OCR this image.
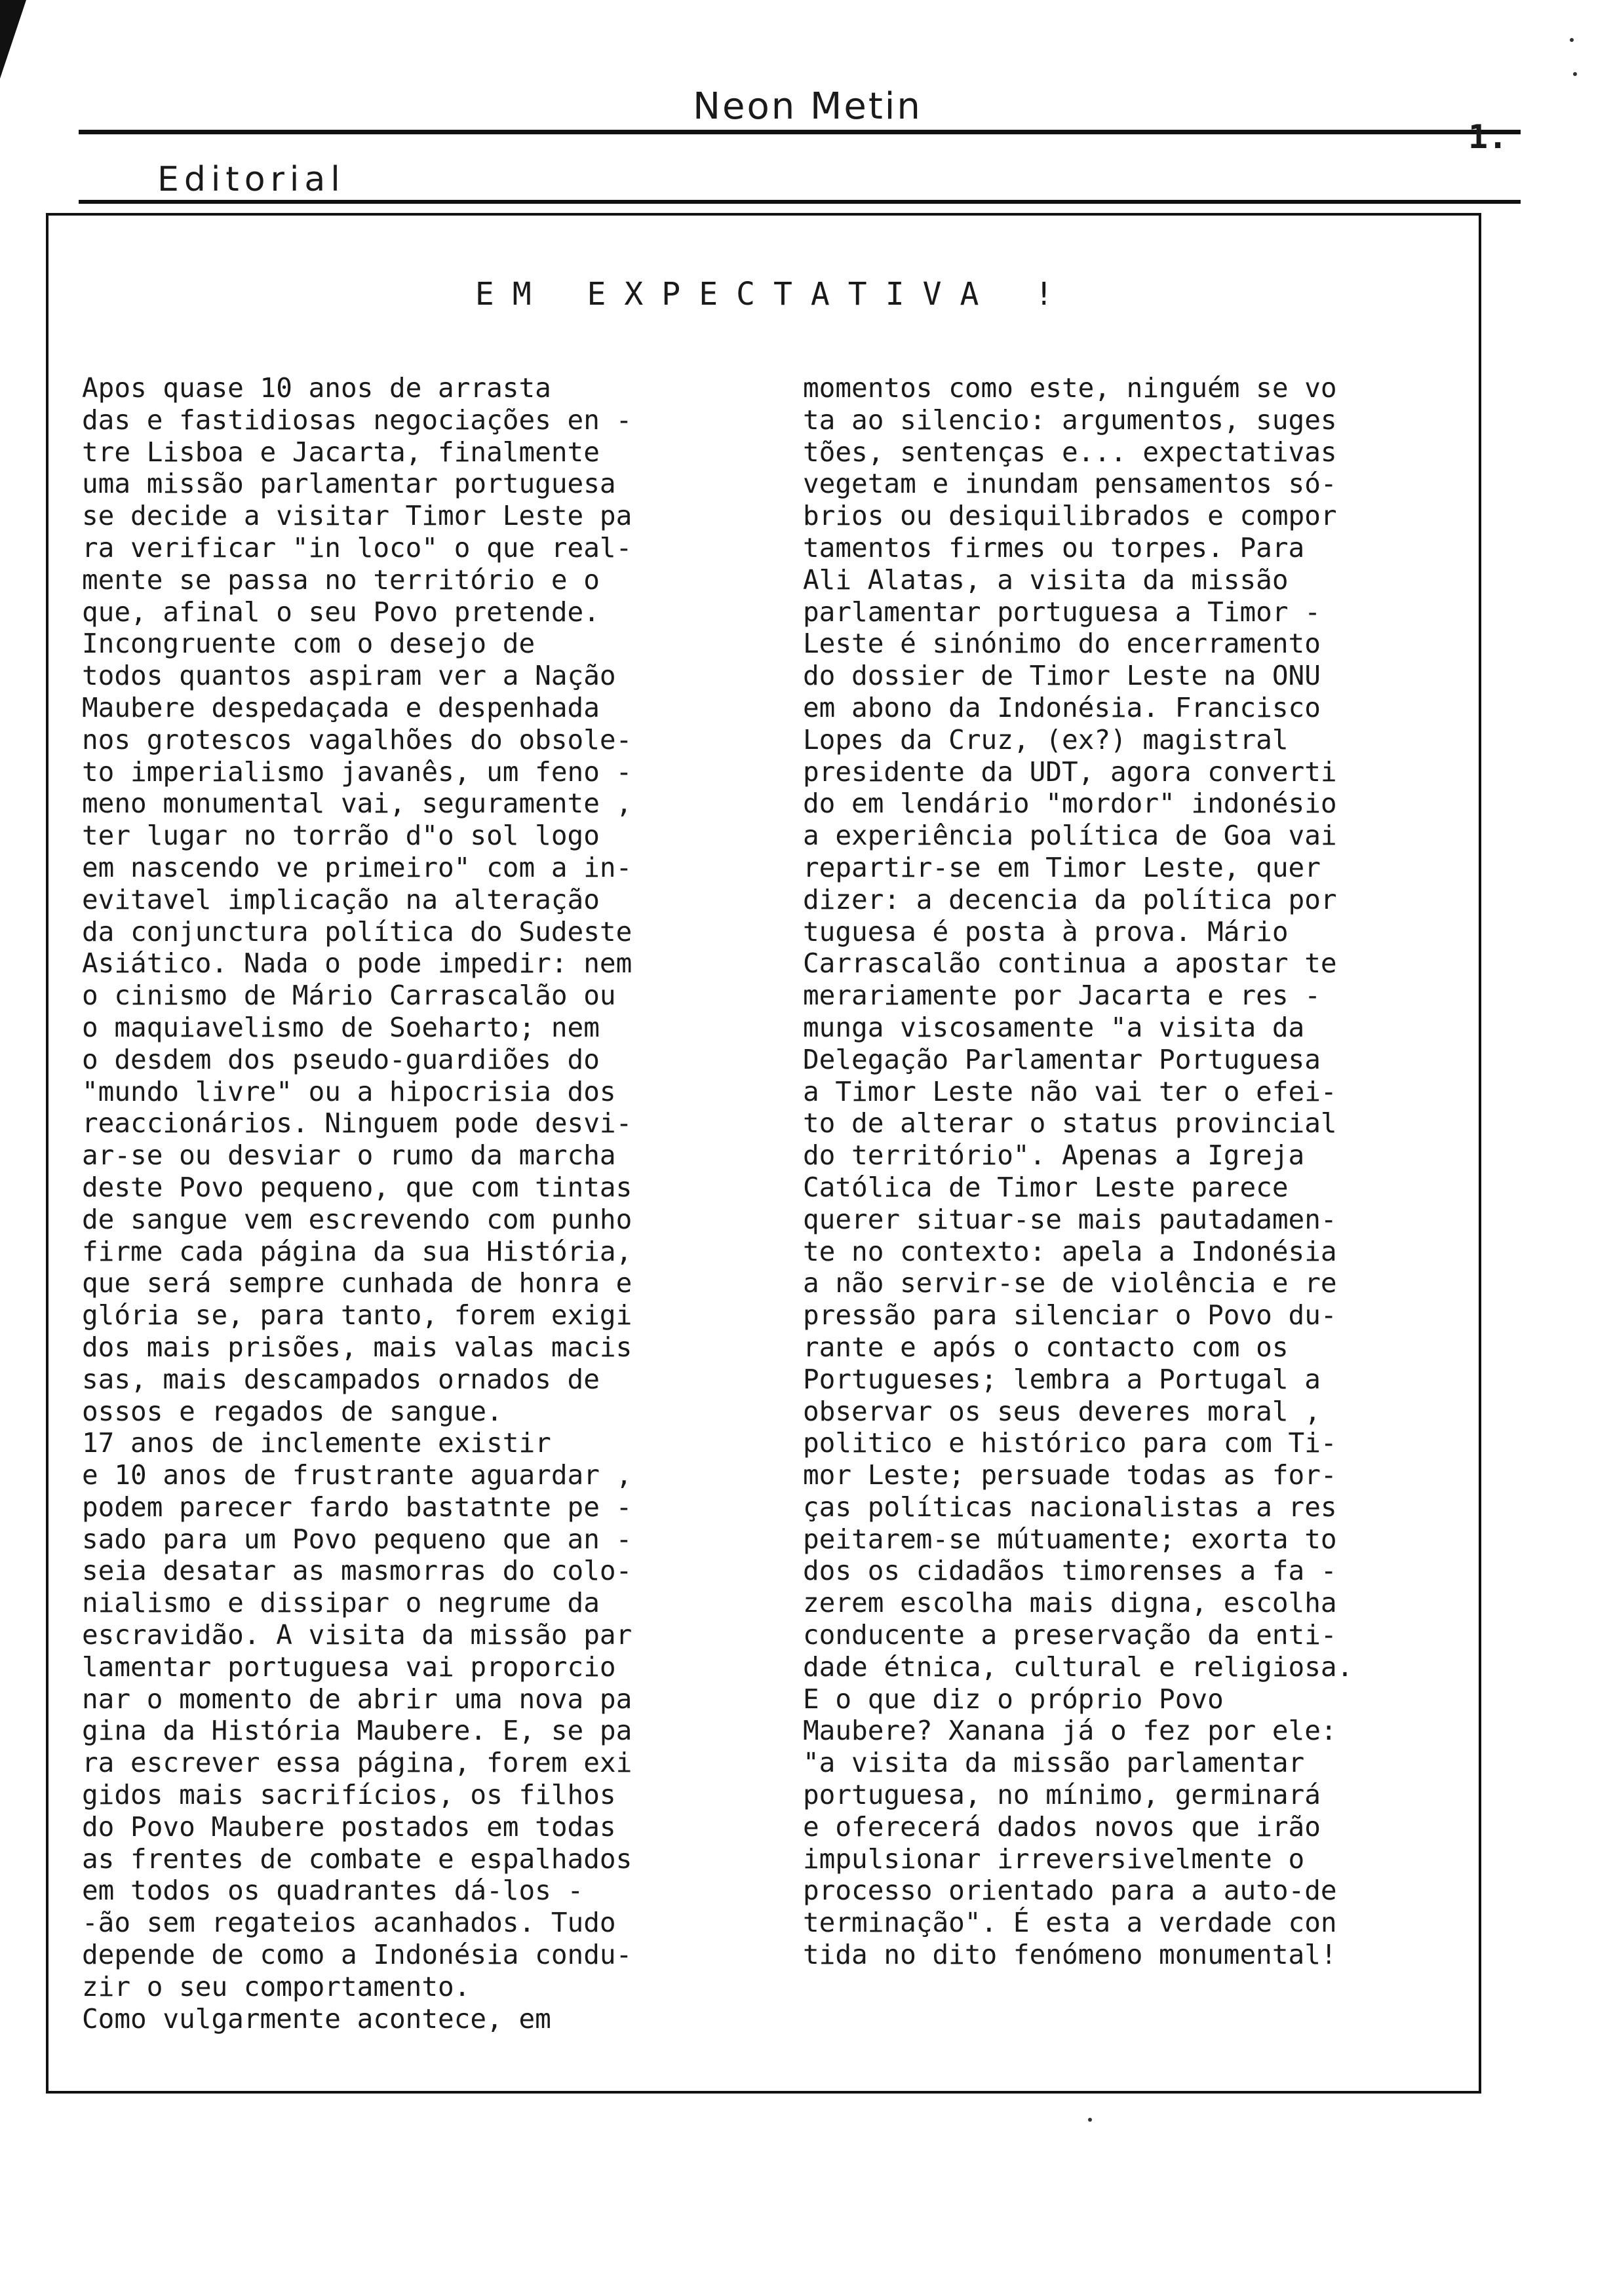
Neon Metin
1.
Editorial
EM EXPECTATIVA !
Apos quase 10 anos de arrasta
das e fastidiosas negociações en -
tre Lisboa e Jacarta, finalmente
uma missão parlamentar portuguesa
se decide a visitar Timor Leste pa
ra verificar "in loco" o que real-
mente se passa no território e o
que, afinal o seu Povo pretende.
Incongruente com o desejo de
todos quantos aspiram ver a Nação
Maubere despedaçada e despenhada
nos grotescos vagalhões do obsole-
to imperialismo javanês, um feno -
meno monumental vai, seguramente ,
ter lugar no torrão d"o sol logo
em nascendo ve primeiro" com a in-
evitavel implicação na alteração
da conjunctura política do Sudeste
Asiático. Nada o pode impedir: nem
o cinismo de Mário Carrascalão ou
o maquiavelismo de Soeharto; nem
o desdem dos pseudo-guardiões do
"mundo livre" ou a hipocrisia dos
reaccionários. Ninguem pode desvi-
ar-se ou desviar o rumo da marcha
deste Povo pequeno, que com tintas
de sangue vem escrevendo com punho
firme cada página da sua História,
que será sempre cunhada de honra e
glória se, para tanto, forem exigi
dos mais prisões, mais valas macis
sas, mais descampados ornados de
ossos e regados de sangue.
17 anos de inclemente existir
e 10 anos de frustrante aguardar ,
podem parecer fardo bastatnte pe -
sado para um Povo pequeno que an -
seia desatar as masmorras do colo-
nialismo e dissipar o negrume da
escravidão. A visita da missão par
lamentar portuguesa vai proporcio
nar o momento de abrir uma nova pa
gina da História Maubere. E, se pa
ra escrever essa página, forem exi
gidos mais sacrifícios, os filhos
do Povo Maubere postados em todas
as frentes de combate e espalhados
em todos os quadrantes dá-los -
-ão sem regateios acanhados. Tudo
depende de como a Indonésia condu-
zir o seu comportamento.
Como vulgarmente acontece, em
momentos como este, ninguém se vo
ta ao silencio: argumentos, suges
tões, sentenças e... expectativas
vegetam e inundam pensamentos só-
brios ou desiquilibrados e compor
tamentos firmes ou torpes. Para
Ali Alatas, a visita da missão
parlamentar portuguesa a Timor -
Leste é sinónimo do encerramento
do dossier de Timor Leste na ONU
em abono da Indonésia. Francisco
Lopes da Cruz, (ex?) magistral
presidente da UDT, agora converti
do em lendário "mordor" indonésio
a experiência política de Goa vai
repartir-se em Timor Leste, quer
dizer: a decencia da política por
tuguesa é posta à prova. Mário
Carrascalão continua a apostar te
merariamente por Jacarta e res -
munga viscosamente "a visita da
Delegação Parlamentar Portuguesa
a Timor Leste não vai ter o efei-
to de alterar o status provincial
do território". Apenas a Igreja
Católica de Timor Leste parece
querer situar-se mais pautadamen-
te no contexto: apela a Indonésia
a não servir-se de violência e re
pressão para silenciar o Povo du-
rante e após o contacto com os
Portugueses; lembra a Portugal a
observar os seus deveres moral ,
politico e histórico para com Ti-
mor Leste; persuade todas as for-
ças políticas nacionalistas a res
peitarem-se mútuamente; exorta to
dos os cidadãos timorenses a fa -
zerem escolha mais digna, escolha
conducente a preservação da enti-
dade étnica, cultural e religiosa.
E o que diz o próprio Povo
Maubere? Xanana já o fez por ele:
"a visita da missão parlamentar
portuguesa, no mínimo, germinará
e oferecerá dados novos que irão
impulsionar irreversivelmente o
processo orientado para a auto-de
terminação". É esta a verdade con
tida no dito fenómeno monumental!
